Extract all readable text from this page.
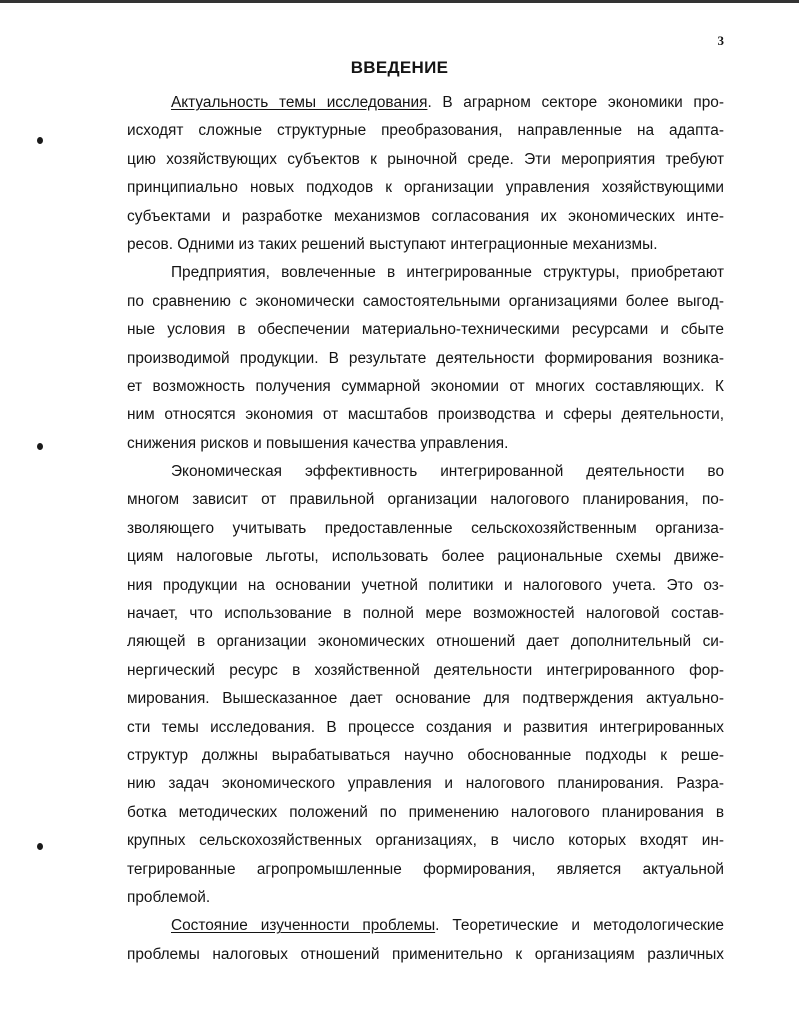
3
ВВЕДЕНИЕ
Актуальность темы исследования. В аграрном секторе экономики про-
исходят сложные структурные преобразования, направленные на адапта-
цию хозяйствующих субъектов к рыночной среде. Эти мероприятия требуют
принципиально новых подходов к организации управления хозяйствующими
субъектами и разработке механизмов согласования их экономических инте-
ресов. Одними из таких решений выступают интеграционные механизмы.
Предприятия, вовлеченные в интегрированные структуры, приобретают
по сравнению с экономически самостоятельными организациями более выгод-
ные условия в обеспечении материально-техническими ресурсами и сбыте
производимой продукции. В результате деятельности формирования возника-
ет возможность получения суммарной экономии от многих составляющих. К
ним относятся экономия от масштабов производства и сферы деятельности,
снижения рисков и повышения качества управления.
Экономическая эффективность интегрированной деятельности во
многом зависит от правильной организации налогового планирования, по-
зволяющего учитывать предоставленные сельскохозяйственным организа-
циям налоговые льготы, использовать более рациональные схемы движе-
ния продукции на основании учетной политики и налогового учета. Это оз-
начает, что использование в полной мере возможностей налоговой состав-
ляющей в организации экономических отношений дает дополнительный си-
нергический ресурс в хозяйственной деятельности интегрированного фор-
мирования. Вышесказанное дает основание для подтверждения актуально-
сти темы исследования. В процессе создания и развития интегрированных
структур должны вырабатываться научно обоснованные подходы к реше-
нию задач экономического управления и налогового планирования. Разра-
ботка методических положений по применению налогового планирования в
крупных сельскохозяйственных организациях, в число которых входят ин-
тегрированные агропромышленные формирования, является актуальной
проблемой.
Состояние изученности проблемы. Теоретические и методологические
проблемы налоговых отношений применительно к организациям различных
